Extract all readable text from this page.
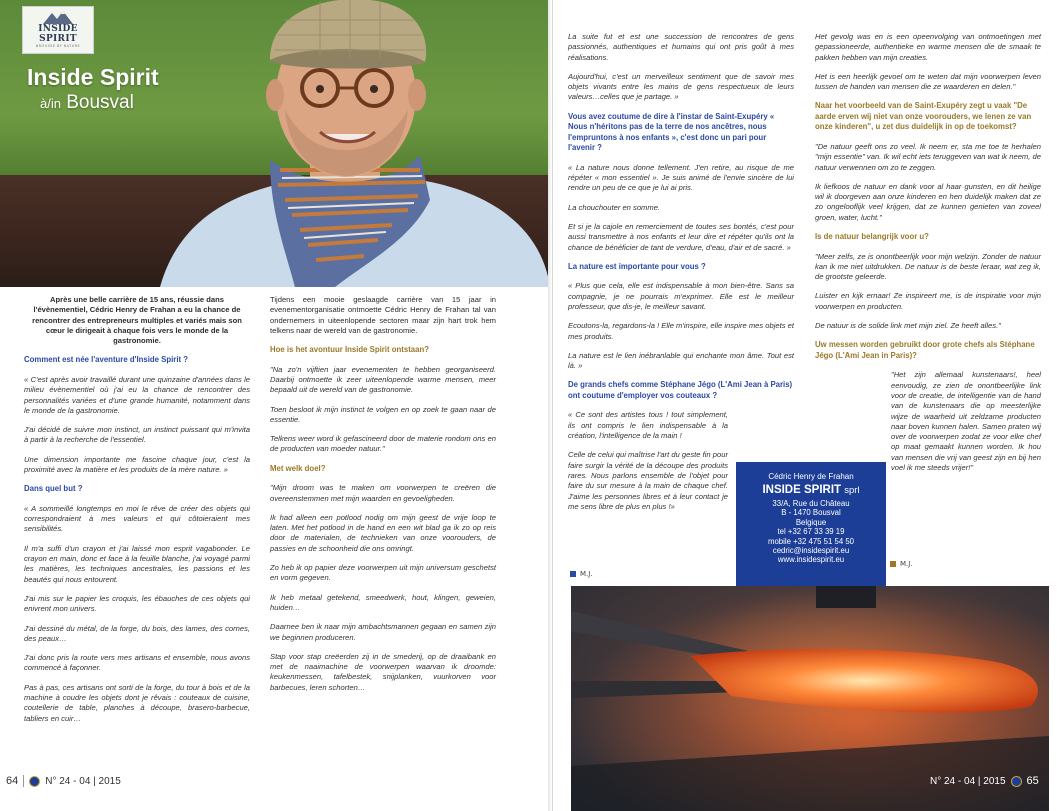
INSIDE SPIRIT
BROUSSE BY NATURE
Inside Spirit
à/in Bousval

Après une belle carrière de 15 ans, réussie dans l'évènementiel, Cédric Henry de Frahan a eu la chance de rencontrer des entrepreneurs multiples et variés mais son cœur le dirigeait à chaque fois vers le monde de la gastronomie.

Comment est née l'aventure d'Inside Spirit ?

« C'est après avoir travaillé durant une quinzaine d'années dans le milieu évènementiel où j'ai eu la chance de rencontrer des personnalités variées et d'une grande humanité, notamment dans le monde de la gastronomie.

J'ai décidé de suivre mon instinct, un instinct puissant qui m'invita à partir à la recherche de l'essentiel.

Une dimension importante me fascine chaque jour, c'est la proximité avec la matière et les produits de la mère nature. »

Dans quel but ?

« A sommeillé longtemps en moi le rêve de créer des objets qui correspondraient à mes valeurs et qui côtoieraient mes sensibilités.

Il m'a suffi d'un crayon et j'ai laissé mon esprit vagabonder. Le crayon en main, donc et face à la feuille blanche, j'ai voyagé parmi les matières, les techniques ancestrales, les passions et les beautés qui nous entourent.

J'ai mis sur le papier les croquis, les ébauches de ces objets qui enivrent mon univers.

J'ai dessiné du métal, de la forge, du bois, des lames, des cornes, des peaux…

J'ai donc pris la route vers mes artisans et ensemble, nous avons commencé à façonner.

Pas à pas, ces artisans ont sorti de la forge, du tour à bois et de la machine à coudre les objets dont je rêvais : couteaux de cuisine, coutellerie de table, planches à découpe, brasero-barbecue, tabliers en cuir…

Tijdens een mooie geslaagde carrière van 15 jaar in evenementorganisatie ontmoette Cédric Henry de Frahan tal van ondernemers in uiteenlopende sectoren maar zijn hart trok hem telkens naar de wereld van de gastronomie.

Hoe is het avontuur Inside Spirit ontstaan?

"Na zo'n vijftien jaar evenementen te hebben georganiseerd. Daarbij ontmoette ik zeer uiteenlopende warme mensen, meer bepaald uit de wereld van de gastronomie.

Toen besloot ik mijn instinct te volgen en op zoek te gaan naar de essentie.

Telkens weer word ik gefascineerd door de materie rondom ons en de producten van moeder natuur."

Met welk doel?

"Mijn droom was te maken om voorwerpen te creëren die overeenstemmen met mijn waarden en gevoeligheden.

Ik had alleen een potlood nodig om mijn geest de vrije loop te laten. Met het potlood in de hand en een wit blad ga ik zo op reis door de materialen, de technieken van onze voorouders, de passies en de schoonheid die ons omringt.

Zo heb ik op papier deze voorwerpen uit mijn universum geschetst en vorm gegeven.

Ik heb metaal getekend, smeedwerk, hout, klingen, geweien, huiden…

Daarnee ben ik naar mijn ambachtsmannen gegaan en samen zijn we beginnen produceren.

Stap voor stap creëerden zij in de smederij, op de draaibank en met de naaimachine de voorwerpen waarvan ik droomde: keukenmessen, tafelbestek, snijplanken, vuurkorven voor barbecues, leren schorten…

La suite fut et est une succession de rencontres de gens passionnés, authentiques et humains qui ont pris goût à mes réalisations.

Aujourd'hui, c'est un merveilleux sentiment que de savoir mes objets vivants entre les mains de gens respectueux de leurs valeurs…celles que je partage. »

Vous avez coutume de dire à l'instar de Saint-Exupéry « Nous n'héritons pas de la terre de nos ancêtres, nous l'empruntons à nos enfants », c'est donc un pari pour l'avenir ?

« La nature nous donne tellement. J'en retire, au risque de me répéter « mon essentiel ». Je suis animé de l'envie sincère de lui rendre un peu de ce que je lui ai pris.

La chouchouter en somme.

Et si je la cajole en remerciement de toutes ses bontés, c'est pour aussi transmettre à nos enfants et leur dire et répéter qu'ils ont la chance de bénéficier de tant de verdure, d'eau, d'air et de sacré. »

La nature est importante pour vous ?

« Plus que cela, elle est indispensable à mon bien-être. Sans sa compagnie, je ne pourrais m'exprimer. Elle est le meilleur professeur, que dis-je, le meilleur savant.

Ecoutons-la, regardons-la ! Elle m'inspire, elle inspire mes objets et mes produits.

La nature est le lien inébranlable qui enchante mon âme. Tout est là. »

De grands chefs comme Stéphane Jégo (L'Ami Jean à Paris) ont coutume d'employer vos couteaux ?

« Ce sont des artistes tous ! tout simplement, ils ont compris le lien indispensable à la création, l'intelligence de la main !

Celle de celui qui maîtrise l'art du geste fin pour faire surgir la vérité de la découpe des produits rares. Nous parlons ensemble de l'objet pour faire du sur mesure à la main de chaque chef. J'aime les personnes libres et à leur contact je me sens libre de plus en plus !»

M.J.

Het gevolg was en is een opeenvolging van ontmoetingen met gepassioneerde, authentieke en warme mensen die de smaak te pakken hebben van mijn creaties.

Het is een heerlijk gevoel om te weten dat mijn voorwerpen leven tussen de handen van mensen die ze waarderen en delen."

Naar het voorbeeld van de Saint-Exupéry zegt u vaak "De aarde erven wij niet van onze voorouders, we lenen ze van onze kinderen", u zet dus duidelijk in op de toekomst?

"De natuur geeft ons zo veel. Ik neem er, sta me toe te herhalen "mijn essentie" van. Ik wil echt iets teruggeven van wat ik neem, de natuur verwennen om zo te zeggen.

Ik liefkoos de natuur en dank voor al haar gunsten, en dit heilige wil ik doorgeven aan onze kinderen en hen duidelijk maken dat ze zo ongelooflijk veel krijgen, dat ze kunnen genieten van zoveel groen, water, lucht."

Is de natuur belangrijk voor u?

"Meer zelfs, ze is onontbeerlijk voor mijn welzijn. Zonder de natuur kan ik me niet uitdrukken. De natuur is de beste leraar, wat zeg ik, de grootste geleerde.

Luister en kijk ernaar! Ze inspireert me, is de inspiratie voor mijn voorwerpen en producten.

De natuur is de solide link met mijn ziel. Ze heeft alles."

Uw messen worden gebruikt door grote chefs als Stéphane Jégo (L'Ami Jean in Paris)?

"Het zijn allemaal kunstenaars!, heel eenvoudig, ze zien de onontbeerlijke link voor de creatie, de intelligentie van de hand van de kunstenaars die op meesterlijke wijze de waarheid uit zeldzame producten naar boven kunnen halen. Samen praten wij over de voorwerpen zodat ze voor elke chef op maat gemaakt kunnen worden. Ik hou van mensen die vrij van geest zijn en bij hen voel ik me steeds vrijer!"

M.J.
Cédric Henry de Frahan
INSIDE SPIRIT sprl
33/A, Rue du Château
B - 1470 Bousval
Belgique
tel +32 67 33 39 19
mobile +32 475 51 54 50
cedric@insidespirit.eu
www.insidespirit.eu
64	N° 24 - 04 | 2015	N° 24 - 04 | 2015 65
